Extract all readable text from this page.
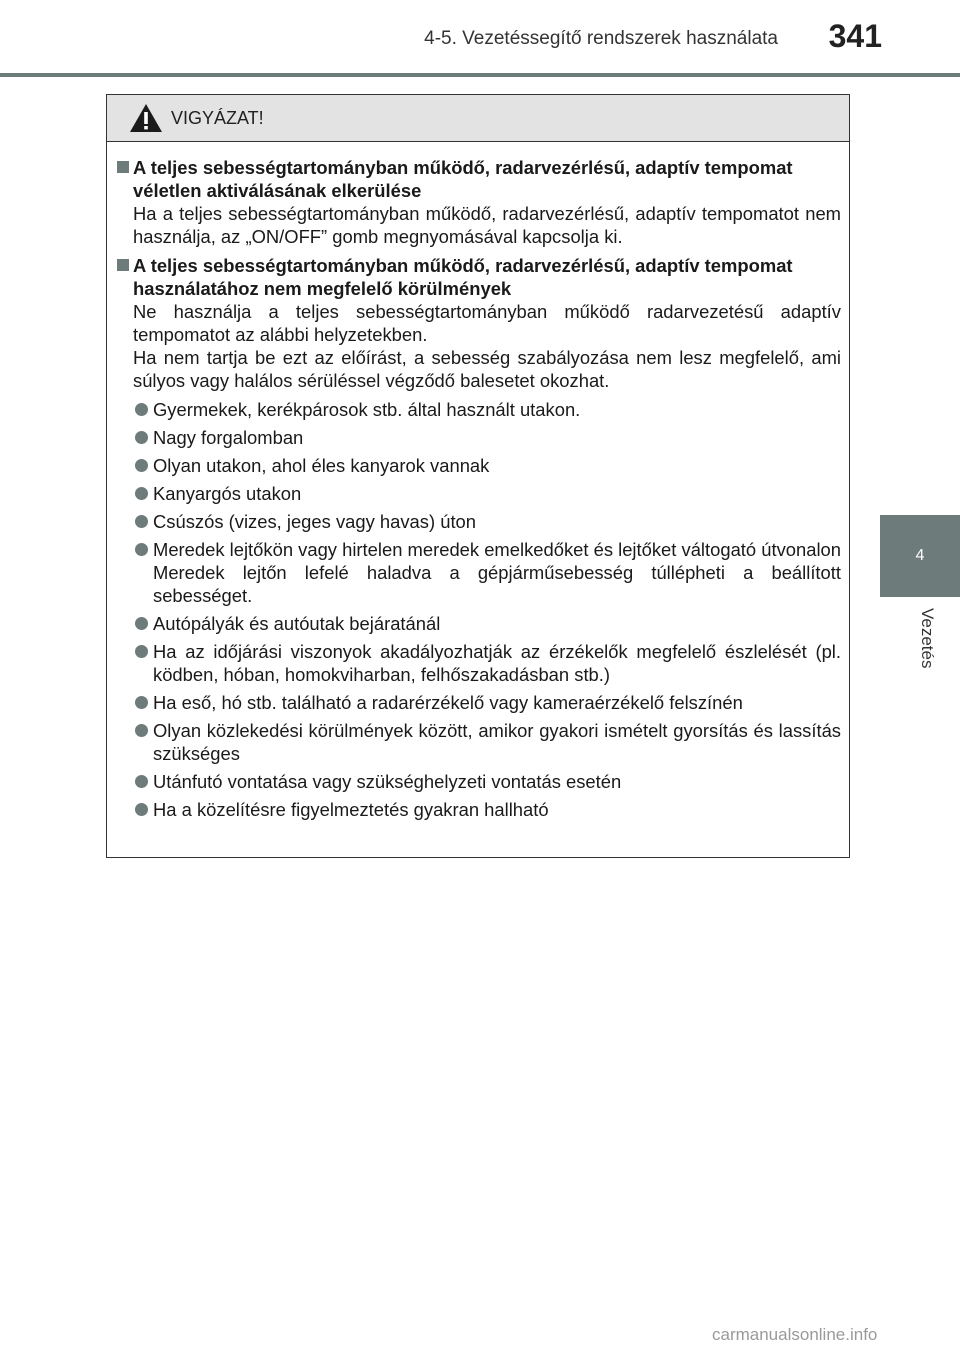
4-5. Vezetéssegítő rendszerek használata 341
4
Vezetés
VIGYÁZAT!
A teljes sebességtartományban működő, radarvezérlésű, adaptív tempomat véletlen aktiválásának elkerülése
Ha a teljes sebességtartományban működő, radarvezérlésű, adaptív tempomatot nem használja, az „ON/OFF” gomb megnyomásával kapcsolja ki.
A teljes sebességtartományban működő, radarvezérlésű, adaptív tempomat használatához nem megfelelő körülmények
Ne használja a teljes sebességtartományban működő radarvezetésű adaptív tempomatot az alábbi helyzetekben.
Ha nem tartja be ezt az előírást, a sebesség szabályozása nem lesz megfelelő, ami súlyos vagy halálos sérüléssel végződő balesetet okozhat.
Gyermekek, kerékpárosok stb. által használt utakon.
Nagy forgalomban
Olyan utakon, ahol éles kanyarok vannak
Kanyargós utakon
Csúszós (vizes, jeges vagy havas) úton
Meredek lejtőkön vagy hirtelen meredek emelkedőket és lejtőket váltogató útvonalon
Meredek lejtőn lefelé haladva a gépjárműsebesség túllépheti a beállított sebességet.
Autópályák és autóutak bejáratánál
Ha az időjárási viszonyok akadályozhatják az érzékelők megfelelő észlelését (pl. ködben, hóban, homokviharban, felhőszakadásban stb.)
Ha eső, hó stb. található a radarérzékelő vagy kameraérzékelő felszínén
Olyan közlekedési körülmények között, amikor gyakori ismételt gyorsítás és lassítás szükséges
Utánfutó vontatása vagy szükséghelyzeti vontatás esetén
Ha a közelítésre figyelmeztetés gyakran hallható
carmanualsonline.info
